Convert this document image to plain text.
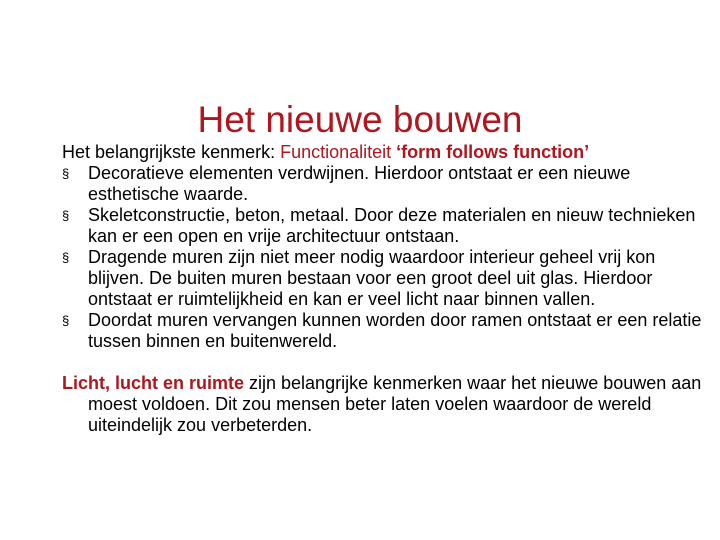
Het nieuwe bouwen

Het belangrijkste kenmerk: Functionaliteit ‘form follows function’

§	Decoratieve elementen verdwijnen. Hierdoor ontstaat er een nieuwe esthetische waarde.
§	Skeletconstructie, beton, metaal. Door deze materialen en nieuw technieken kan er een open en vrije architectuur ontstaan.
§	Dragende muren zijn niet meer nodig waardoor interieur geheel vrij kon blijven. De buiten muren bestaan voor een groot deel uit glas. Hierdoor ontstaat er ruimtelijkheid en kan er veel licht naar binnen vallen.
§	Doordat muren vervangen kunnen worden door ramen ontstaat er een relatie tussen binnen en buitenwereld.

Licht, lucht en ruimte zijn belangrijke kenmerken waar het nieuwe bouwen aan moest voldoen. Dit zou mensen beter laten voelen waardoor de wereld uiteindelijk zou verbeterden.
